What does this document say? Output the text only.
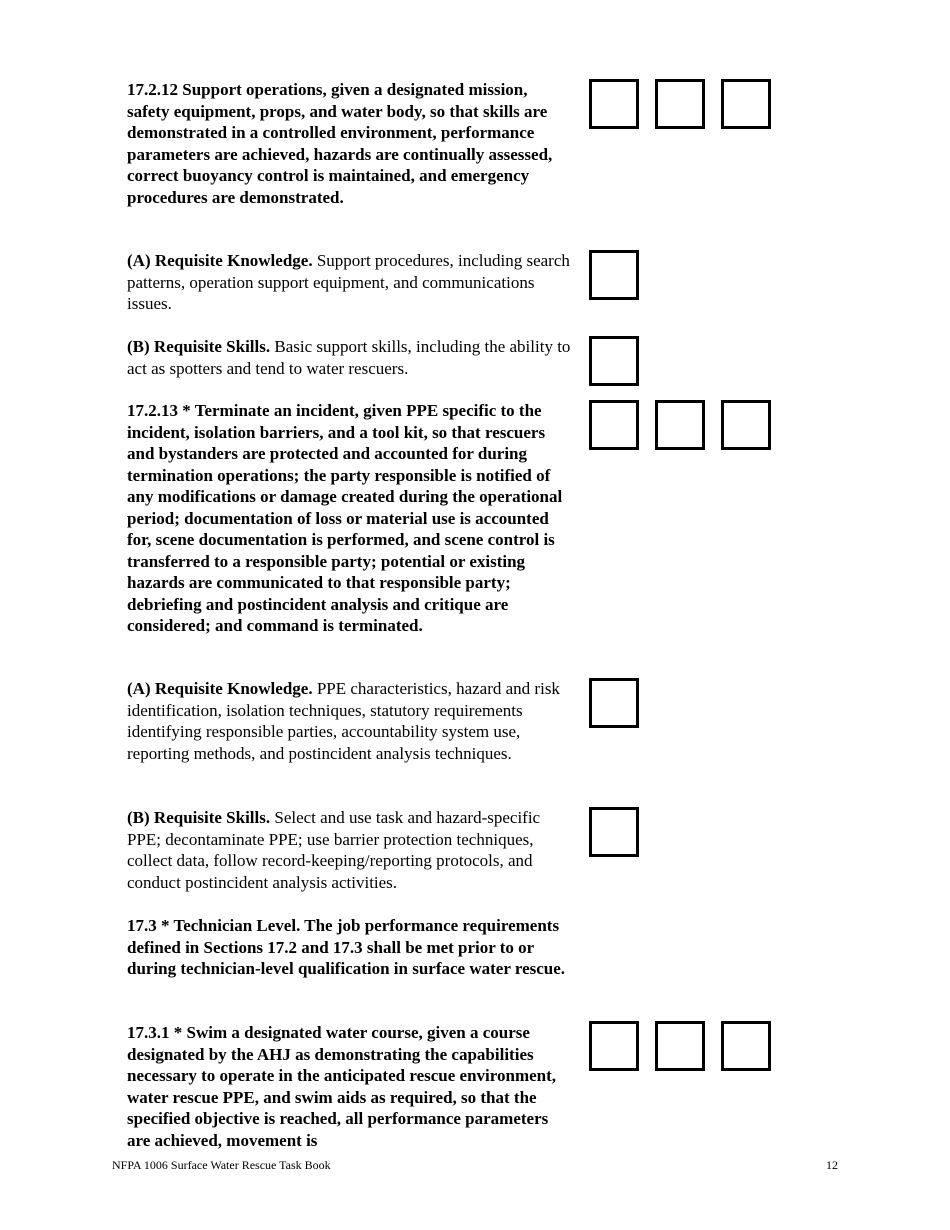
17.2.12 Support operations, given a designated mission, safety equipment, props, and water body, so that skills are demonstrated in a controlled environment, performance parameters are achieved, hazards are continually assessed, correct buoyancy control is maintained, and emergency procedures are demonstrated.
(A) Requisite Knowledge. Support procedures, including search patterns, operation support equipment, and communications issues.
(B) Requisite Skills. Basic support skills, including the ability to act as spotters and tend to water rescuers.
17.2.13 * Terminate an incident, given PPE specific to the incident, isolation barriers, and a tool kit, so that rescuers and bystanders are protected and accounted for during termination operations; the party responsible is notified of any modifications or damage created during the operational period; documentation of loss or material use is accounted for, scene documentation is performed, and scene control is transferred to a responsible party; potential or existing hazards are communicated to that responsible party; debriefing and postincident analysis and critique are considered; and command is terminated.
(A) Requisite Knowledge. PPE characteristics, hazard and risk identification, isolation techniques, statutory requirements identifying responsible parties, accountability system use, reporting methods, and postincident analysis techniques.
(B) Requisite Skills. Select and use task and hazard-specific PPE; decontaminate PPE; use barrier protection techniques, collect data, follow record-keeping/reporting protocols, and conduct postincident analysis activities.
17.3 * Technician Level. The job performance requirements defined in Sections 17.2 and 17.3 shall be met prior to or during technician-level qualification in surface water rescue.
17.3.1 * Swim a designated water course, given a course designated by the AHJ as demonstrating the capabilities necessary to operate in the anticipated rescue environment, water rescue PPE, and swim aids as required, so that the specified objective is reached, all performance parameters are achieved, movement is
NFPA 1006 Surface Water Rescue Task Book	12
